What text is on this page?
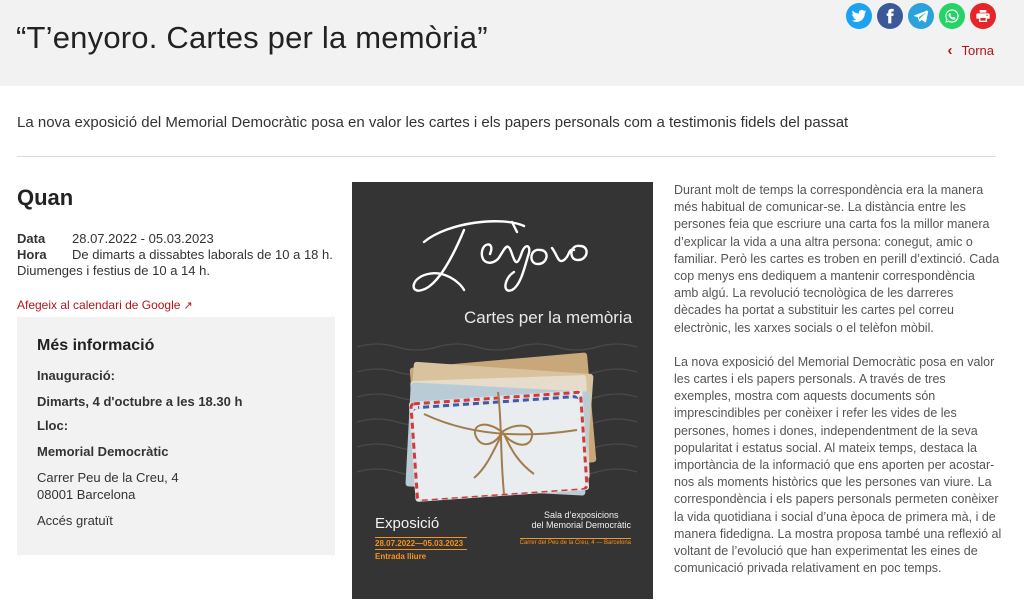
“T’enyoro. Cartes per la memòria”	‹ Torna

La nova exposició del Memorial Democràtic posa en valor les cartes i els papers personals com a testimonis fidels del passat

Quan
Data	28.07.2022 - 05.03.2023
Hora	De dimarts a dissabtes laborals de 10 a 18 h.
Diumenges i festius de 10 a 14 h.
Afegeix al calendari de Google ↗
Més informació
Inauguració:
Dimarts, 4 d'octubre a les 18.30 h
Lloc:
Memorial Democràtic
Carrer Peu de la Creu, 4
08001 Barcelona
Accés gratuït
Cartes per la memòria
Exposició
28.07.2022—05.03.2023
Entrada lliure
Sala d’exposicions
del Memorial Democràtic
Carrer del Peu de la Creu, 4 — Barcelona

Durant molt de temps la correspondència era la manera més habitual de comunicar-se. La distància entre les persones feia que escriure una carta fos la millor manera d’explicar la vida a una altra persona: conegut, amic o familiar. Però les cartes es troben en perill d’extinció. Cada cop menys ens dediquem a mantenir correspondència amb algú. La revolució tecnològica de les darreres dècades ha portat a substituir les cartes pel correu electrònic, les xarxes socials o el telèfon mòbil.

La nova exposició del Memorial Democràtic posa en valor les cartes i els papers personals. A través de tres exemples, mostra com aquests documents són imprescindibles per conèixer i refer les vides de les persones, homes i dones, independentment de la seva popularitat i estatus social. Al mateix temps, destaca la importància de la informació que ens aporten per acostar-nos als moments històrics que les persones van viure. La correspondència i els papers personals permeten conèixer la vida quotidiana i social d’una època de primera mà, i de manera fidedigna. La mostra proposa també una reflexió al voltant de l’evolució que han experimentat les eines de comunicació privada relativament en poc temps.
